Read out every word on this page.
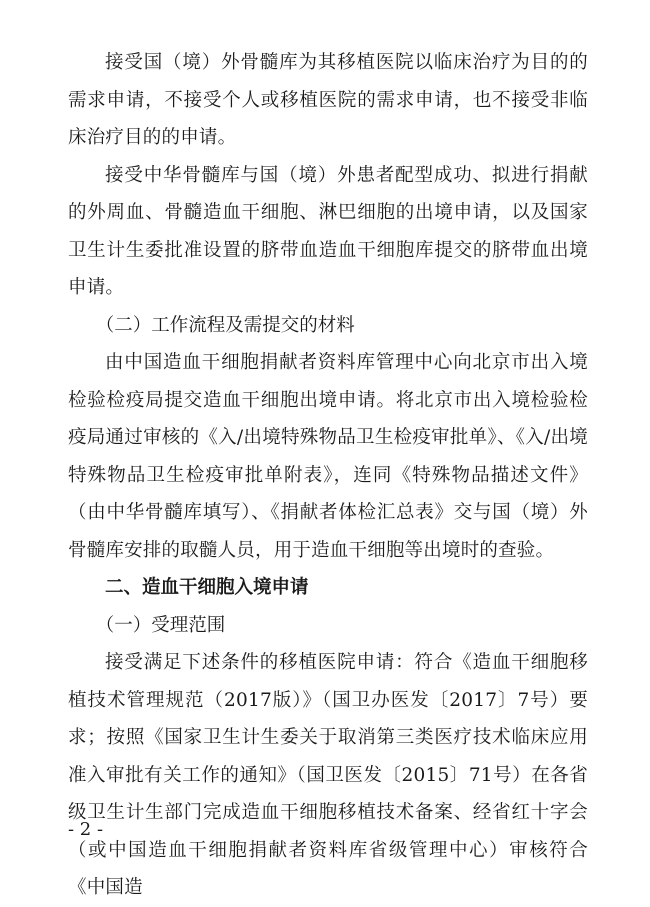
接受国（境）外骨髓库为其移植医院以临床治疗为目的的需求申请，不接受个人或移植医院的需求申请，也不接受非临床治疗目的的申请。

接受中华骨髓库与国（境）外患者配型成功、拟进行捐献的外周血、骨髓造血干细胞、淋巴细胞的出境申请，以及国家卫生计生委批准设置的脐带血造血干细胞库提交的脐带血出境申请。

（二）工作流程及需提交的材料

由中国造血干细胞捐献者资料库管理中心向北京市出入境检验检疫局提交造血干细胞出境申请。将北京市出入境检验检疫局通过审核的《入/出境特殊物品卫生检疫审批单》、《入/出境特殊物品卫生检疫审批单附表》，连同《特殊物品描述文件》（由中华骨髓库填写）、《捐献者体检汇总表》交与国（境）外骨髓库安排的取髓人员，用于造血干细胞等出境时的查验。

二、造血干细胞入境申请

（一）受理范围

接受满足下述条件的移植医院申请：符合《造血干细胞移植技术管理规范（2017版）》（国卫办医发〔2017〕7号）要求；按照《国家卫生计生委关于取消第三类医疗技术临床应用准入审批有关工作的通知》（国卫医发〔2015〕71号）在各省级卫生计生部门完成造血干细胞移植技术备案、经省红十字会（或中国造血干细胞捐献者资料库省级管理中心）审核符合《中国造

- 2 -
